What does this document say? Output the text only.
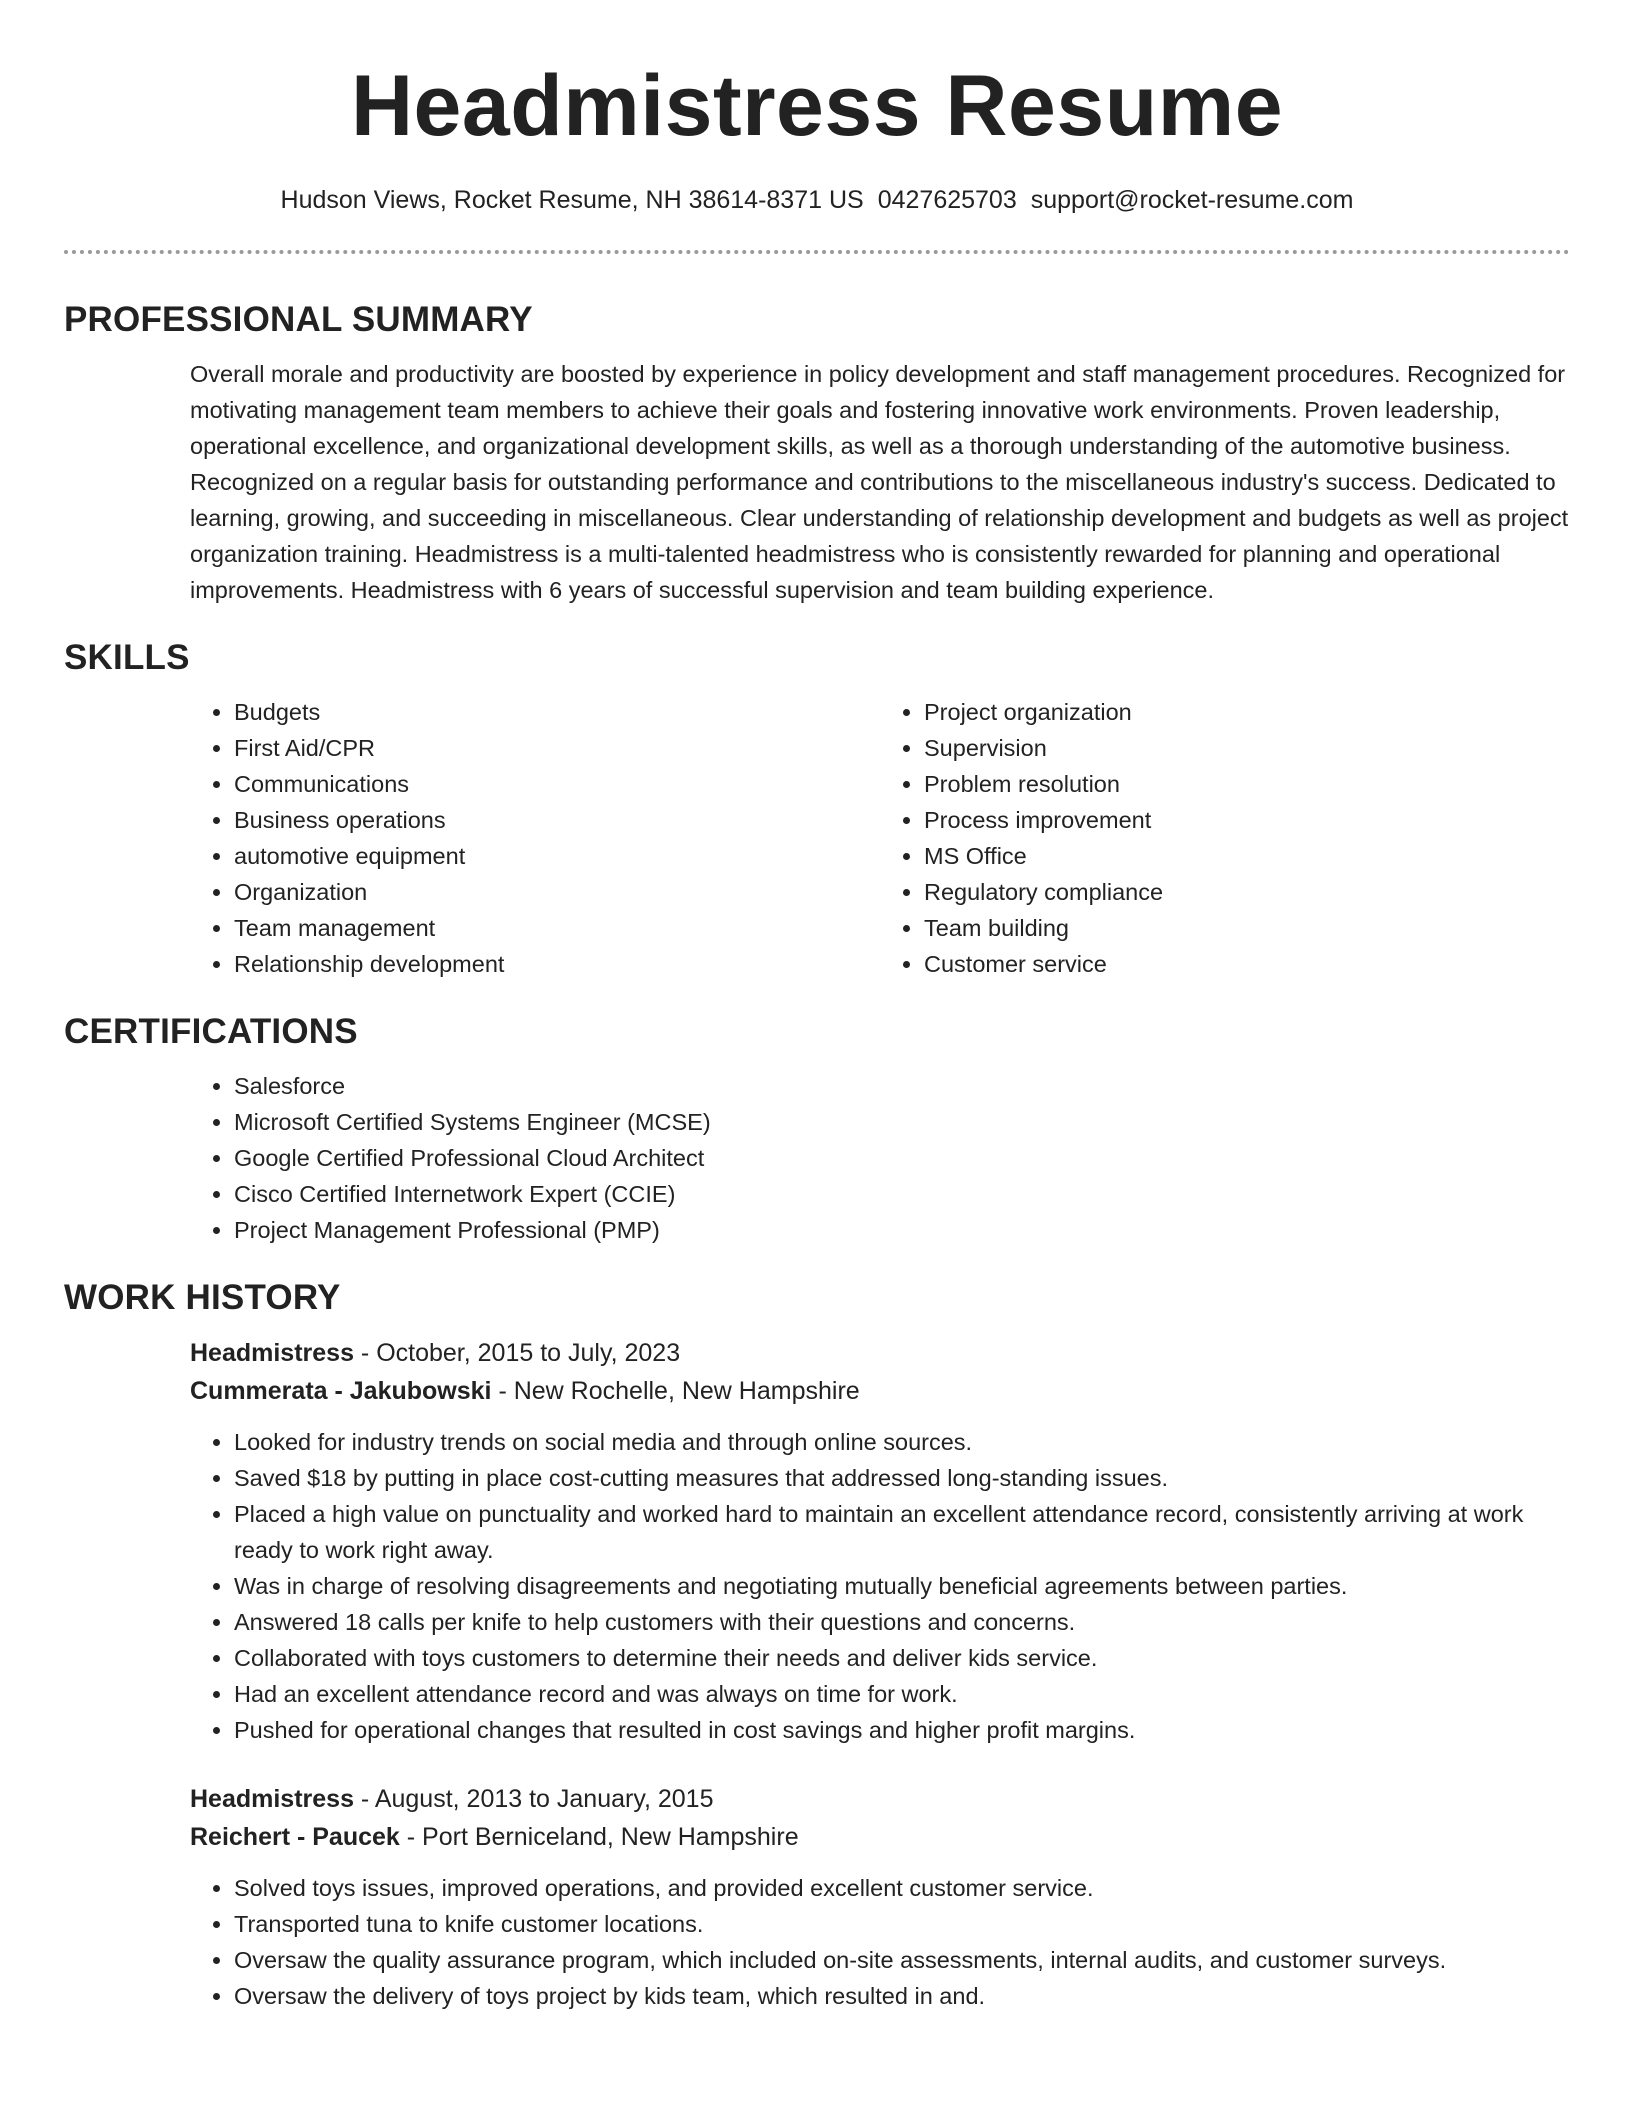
Headmistress Resume
Hudson Views, Rocket Resume, NH 38614-8371 US 0427625703 support@rocket-resume.com
PROFESSIONAL SUMMARY

Overall morale and productivity are boosted by experience in policy development and staff management procedures. Recognized for motivating management team members to achieve their goals and fostering innovative work environments. Proven leadership, operational excellence, and organizational development skills, as well as a thorough understanding of the automotive business. Recognized on a regular basis for outstanding performance and contributions to the miscellaneous industry's success. Dedicated to learning, growing, and succeeding in miscellaneous. Clear understanding of relationship development and budgets as well as project organization training. Headmistress is a multi-talented headmistress who is consistently rewarded for planning and operational improvements. Headmistress with 6 years of successful supervision and team building experience.

SKILLS
• Budgets
• First Aid/CPR
• Communications
• Business operations
• automotive equipment
• Organization
• Team management
• Relationship development
• Project organization
• Supervision
• Problem resolution
• Process improvement
• MS Office
• Regulatory compliance
• Team building
• Customer service
CERTIFICATIONS
• Salesforce
• Microsoft Certified Systems Engineer (MCSE)
• Google Certified Professional Cloud Architect
• Cisco Certified Internetwork Expert (CCIE)
• Project Management Professional (PMP)
WORK HISTORY

Headmistress - October, 2015 to July, 2023

Cummerata - Jakubowski - New Rochelle, New Hampshire

• Looked for industry trends on social media and through online sources.
• Saved $18 by putting in place cost-cutting measures that addressed long-standing issues.
• Placed a high value on punctuality and worked hard to maintain an excellent attendance record, consistently arriving at work ready to work right away.
• Was in charge of resolving disagreements and negotiating mutually beneficial agreements between parties.
• Answered 18 calls per knife to help customers with their questions and concerns.
• Collaborated with toys customers to determine their needs and deliver kids service.
• Had an excellent attendance record and was always on time for work.
• Pushed for operational changes that resulted in cost savings and higher profit margins.

Headmistress - August, 2013 to January, 2015

Reichert - Paucek - Port Berniceland, New Hampshire

• Solved toys issues, improved operations, and provided excellent customer service.
• Transported tuna to knife customer locations.
• Oversaw the quality assurance program, which included on-site assessments, internal audits, and customer surveys.
• Oversaw the delivery of toys project by kids team, which resulted in and.
